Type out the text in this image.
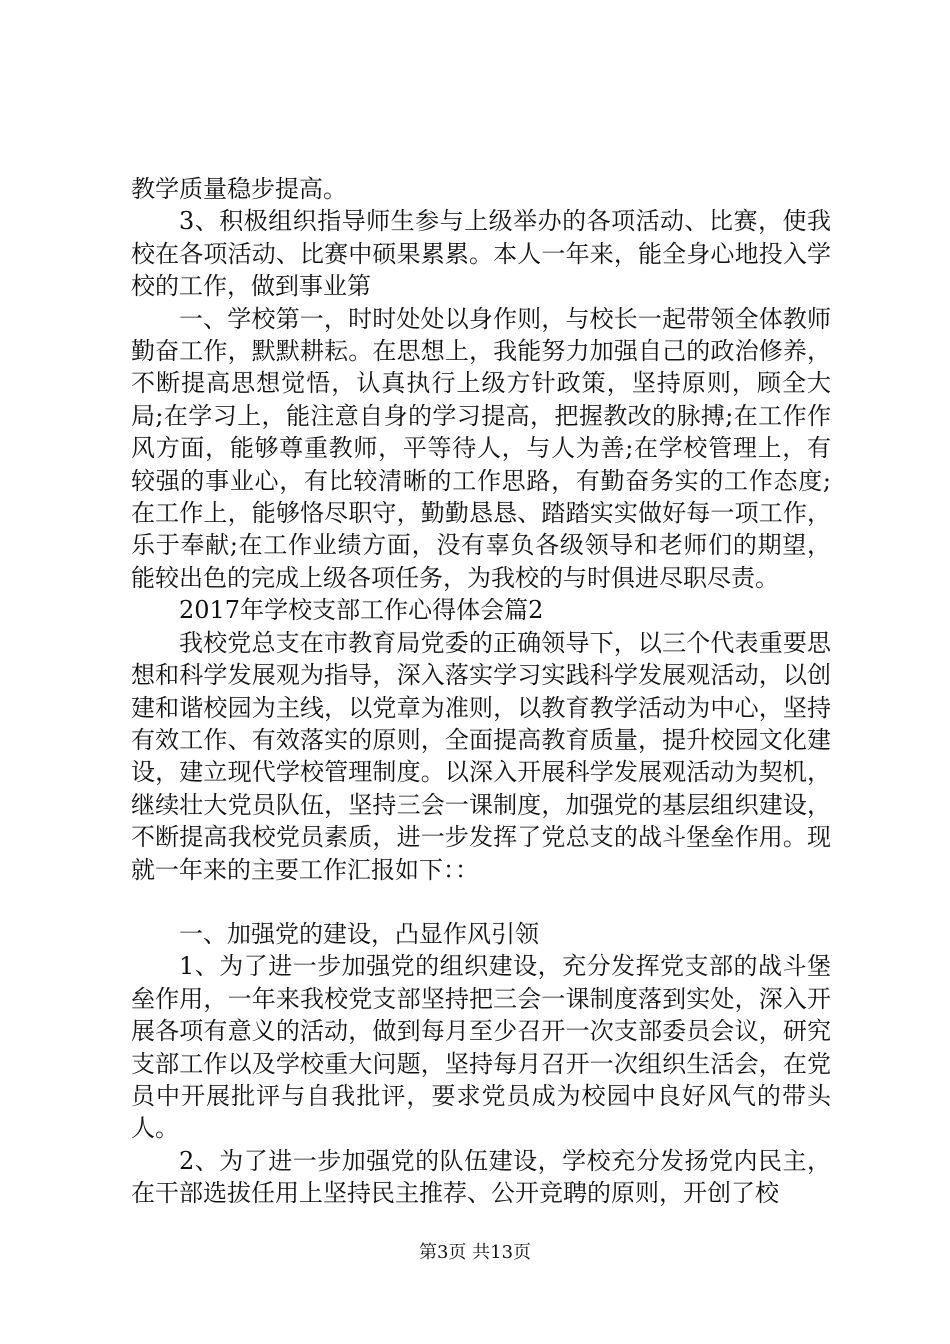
教学质量稳步提高。

3、积极组织指导师生参与上级举办的各项活动、比赛，使我校在各项活动、比赛中硕果累累。本人一年来，能全身心地投入学校的工作，做到事业第

一、学校第一，时时处处以身作则，与校长一起带领全体教师勤奋工作，默默耕耘。在思想上，我能努力加强自己的政治修养，不断提高思想觉悟，认真执行上级方针政策，坚持原则，顾全大局;在学习上，能注意自身的学习提高，把握教改的脉搏;在工作作风方面，能够尊重教师，平等待人，与人为善;在学校管理上，有较强的事业心，有比较清晰的工作思路，有勤奋务实的工作态度;在工作上，能够恪尽职守，勤勤恳恳、踏踏实实做好每一项工作，乐于奉献;在工作业绩方面，没有辜负各级领导和老师们的期望，能较出色的完成上级各项任务，为我校的与时俱进尽职尽责。

2017年学校支部工作心得体会篇2

我校党总支在市教育局党委的正确领导下，以三个代表重要思想和科学发展观为指导，深入落实学习实践科学发展观活动，以创建和谐校园为主线，以党章为准则，以教育教学活动为中心，坚持有效工作、有效落实的原则，全面提高教育质量，提升校园文化建设，建立现代学校管理制度。以深入开展科学发展观活动为契机，继续壮大党员队伍，坚持三会一课制度，加强党的基层组织建设，不断提高我校党员素质，进一步发挥了党总支的战斗堡垒作用。现就一年来的主要工作汇报如下：：

一、加强党的建设，凸显作风引领

1、为了进一步加强党的组织建设，充分发挥党支部的战斗堡垒作用，一年来我校党支部坚持把三会一课制度落到实处，深入开展各项有意义的活动，做到每月至少召开一次支部委员会议，研究支部工作以及学校重大问题，坚持每月召开一次组织生活会，在党员中开展批评与自我批评，要求党员成为校园中良好风气的带头人。

2、为了进一步加强党的队伍建设，学校充分发扬党内民主，在干部选拔任用上坚持民主推荐、公开竞聘的原则，开创了校

第3页 共13页
